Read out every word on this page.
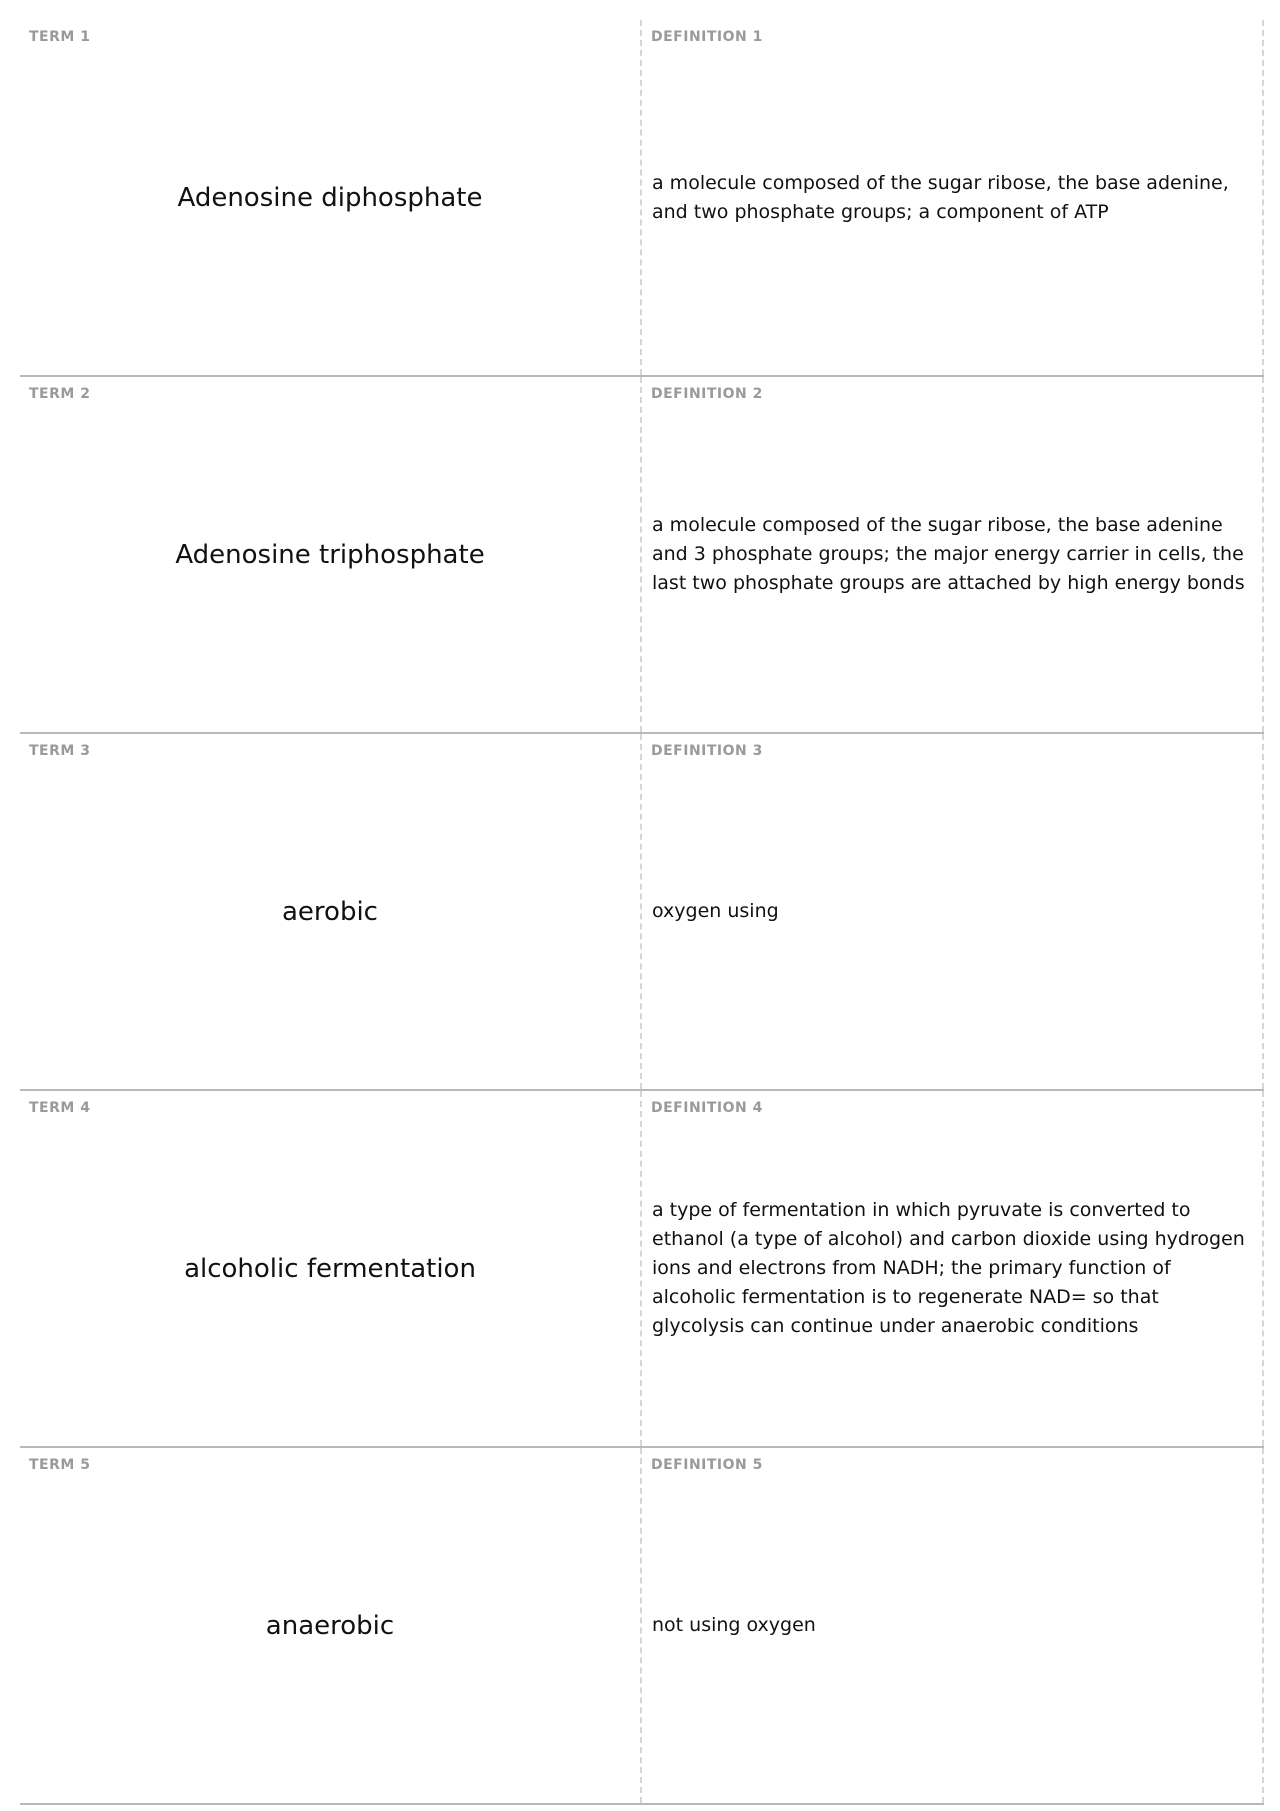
TERM 1
Adenosine diphosphate
DEFINITION 1
a molecule composed of the sugar ribose, the base adenine, and two phosphate groups; a component of ATP
TERM 2
Adenosine triphosphate
DEFINITION 2
a molecule composed of the sugar ribose, the base adenine and 3 phosphate groups; the major energy carrier in cells, the last two phosphate groups are attached by high energy bonds
TERM 3
aerobic
DEFINITION 3
oxygen using
TERM 4
alcoholic fermentation
DEFINITION 4
a type of fermentation in which pyruvate is converted to ethanol (a type of alcohol) and carbon dioxide using hydrogen ions and electrons from NADH; the primary function of alcoholic fermentation is to regenerate NAD= so that glycolysis can continue under anaerobic conditions
TERM 5
anaerobic
DEFINITION 5
not using oxygen
